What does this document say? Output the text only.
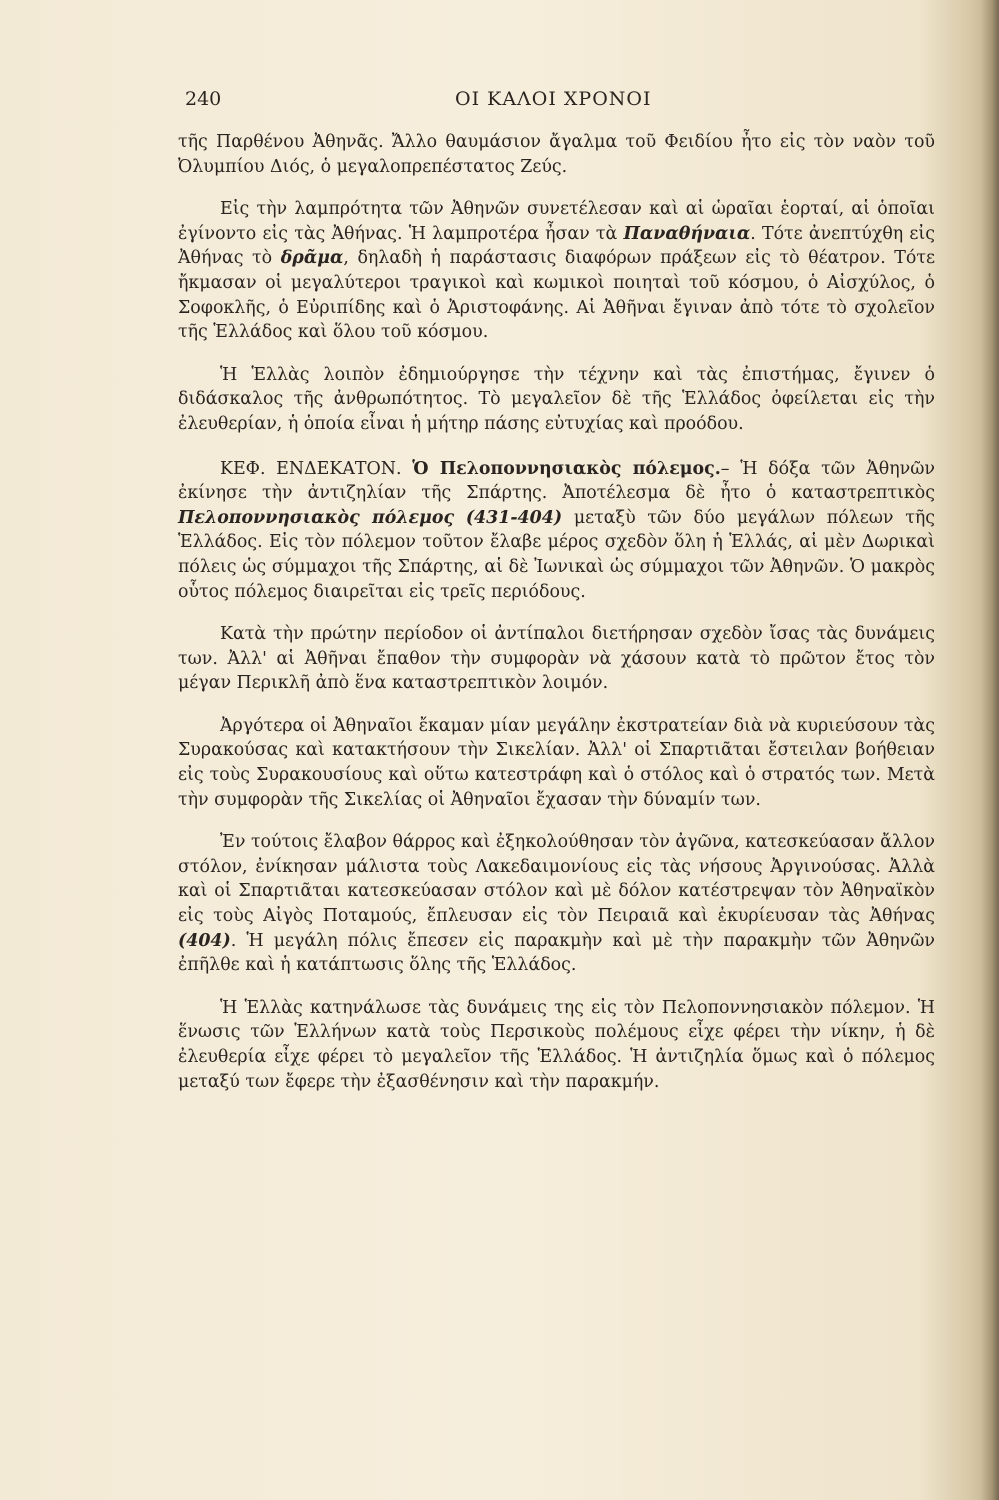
240	ΟΙ ΚΑΛΟΙ ΧΡΟΝΟΙ

τῆς Παρθένου Ἀθηνᾶς. Ἄλλο θαυμάσιον ἄγαλμα τοῦ Φειδίου ἦτο εἰς τὸν ναὸν τοῦ Ὀλυμπίου Διός, ὁ μεγαλοπρεπέστατος Ζεύς.

Εἰς τὴν λαμπρότητα τῶν Ἀθηνῶν συνετέλεσαν καὶ αἱ ὡραῖαι ἑορταί, αἱ ὁποῖαι ἐγίνοντο εἰς τὰς Ἀθήνας. Ἡ λαμπροτέρα ἦσαν τὰ Παναθήναια. Τότε ἀνεπτύχθη εἰς Ἀθήνας τὸ δρᾶμα, δηλαδὴ ἡ παράστασις διαφόρων πράξεων εἰς τὸ θέατρον. Τότε ἤκμασαν οἱ μεγαλύτεροι τραγικοὶ καὶ κωμικοὶ ποιηταὶ τοῦ κόσμου, ὁ Αἰσχύλος, ὁ Σοφοκλῆς, ὁ Εὐριπίδης καὶ ὁ Ἀριστοφάνης. Αἱ Ἀθῆναι ἔγιναν ἀπὸ τότε τὸ σχολεῖον τῆς Ἑλλάδος καὶ ὅλου τοῦ κόσμου.

Ἡ Ἑλλὰς λοιπὸν ἐδημιούργησε τὴν τέχνην καὶ τὰς ἐπιστήμας, ἔγινεν ὁ διδάσκαλος τῆς ἀνθρωπότητος. Τὸ μεγαλεῖον δὲ τῆς Ἑλλάδος ὀφείλεται εἰς τὴν ἐλευθερίαν, ἡ ὁποία εἶναι ἡ μήτηρ πάσης εὐτυχίας καὶ προόδου.

ΚΕΦ. ΕΝΔΕΚΑΤΟΝ. Ὁ Πελοποννησιακὸς πόλεμος.– Ἡ δόξα τῶν Ἀθηνῶν ἐκίνησε τὴν ἀντιζηλίαν τῆς Σπάρτης. Ἀποτέλεσμα δὲ ἦτο ὁ καταστρεπτικὸς Πελοποννησιακὸς πόλεμος (431-404) μεταξὺ τῶν δύο μεγάλων πόλεων τῆς Ἑλλάδος. Εἰς τὸν πόλεμον τοῦτον ἔλαβε μέρος σχεδὸν ὅλη ἡ Ἑλλάς, αἱ μὲν Δωρικαὶ πόλεις ὡς σύμμαχοι τῆς Σπάρτης, αἱ δὲ Ἰωνικαὶ ὡς σύμμαχοι τῶν Ἀθηνῶν. Ὁ μακρὸς οὗτος πόλεμος διαιρεῖται εἰς τρεῖς περιόδους.

Κατὰ τὴν πρώτην περίοδον οἱ ἀντίπαλοι διετήρησαν σχεδὸν ἴσας τὰς δυνάμεις των. Ἀλλ' αἱ Ἀθῆναι ἔπαθον τὴν συμφορὰν νὰ χάσουν κατὰ τὸ πρῶτον ἔτος τὸν μέγαν Περικλῆ ἀπὸ ἕνα καταστρεπτικὸν λοιμόν.

Ἀργότερα οἱ Ἀθηναῖοι ἔκαμαν μίαν μεγάλην ἐκστρατείαν διὰ νὰ κυριεύσουν τὰς Συρακούσας καὶ κατακτήσουν τὴν Σικελίαν. Ἀλλ' οἱ Σπαρτιᾶται ἔστειλαν βοήθειαν εἰς τοὺς Συρακουσίους καὶ οὕτω κατεστράφη καὶ ὁ στόλος καὶ ὁ στρατός των. Μετὰ τὴν συμφορὰν τῆς Σικελίας οἱ Ἀθηναῖοι ἔχασαν τὴν δύναμίν των.

Ἐν τούτοις ἔλαβον θάρρος καὶ ἐξηκολούθησαν τὸν ἀγῶνα, κατεσκεύασαν ἄλλον στόλον, ἐνίκησαν μάλιστα τοὺς Λακεδαιμονίους εἰς τὰς νήσους Ἀργινούσας. Ἀλλὰ καὶ οἱ Σπαρτιᾶται κατεσκεύασαν στόλον καὶ μὲ δόλον κατέστρεψαν τὸν Ἀθηναϊκὸν εἰς τοὺς Αἰγὸς Ποταμούς, ἔπλευσαν εἰς τὸν Πειραιᾶ καὶ ἐκυρίευσαν τὰς Ἀθήνας (404). Ἡ μεγάλη πόλις ἔπεσεν εἰς παρακμὴν καὶ μὲ τὴν παρακμὴν τῶν Ἀθηνῶν ἐπῆλθε καὶ ἡ κατάπτωσις ὅλης τῆς Ἑλλάδος.

Ἡ Ἑλλὰς κατηνάλωσε τὰς δυνάμεις της εἰς τὸν Πελοποννησιακὸν πόλεμον. Ἡ ἕνωσις τῶν Ἑλλήνων κατὰ τοὺς Περσικοὺς πολέμους εἶχε φέρει τὴν νίκην, ἡ δὲ ἐλευθερία εἶχε φέρει τὸ μεγαλεῖον τῆς Ἑλλάδος. Ἡ ἀντιζηλία ὅμως καὶ ὁ πόλεμος μεταξύ των ἔφερε τὴν ἐξασθένησιν καὶ τὴν παρακμήν.
